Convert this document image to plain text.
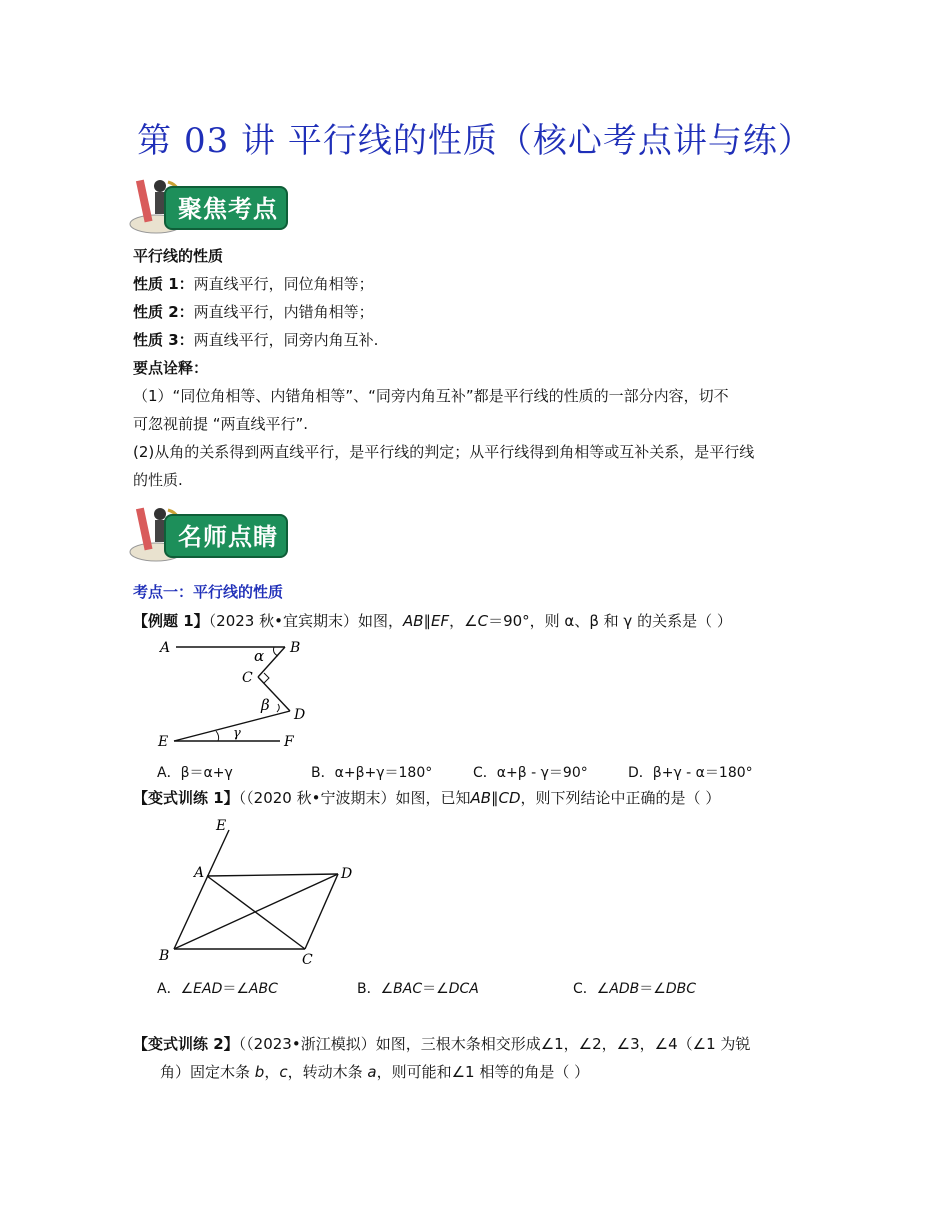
第 03 讲 平行线的性质（核心考点讲与练）
聚焦考点
平行线的性质
性质 1：两直线平行，同位角相等；
性质 2：两直线平行，内错角相等；
性质 3：两直线平行，同旁内角互补.
要点诠释：
（1）“同位角相等、内错角相等”、“同旁内角互补”都是平行线的性质的一部分内容，切不
可忽视前提 “两直线平行”.
(2)从角的关系得到两直线平行，是平行线的判定；从平行线得到角相等或互补关系，是平行线
的性质.
名师点睛
考点一：平行线的性质
【例题 1】（2023 秋•宜宾期末）如图，AB∥EF，∠C＝90°，则 α、β 和 γ 的关系是（ ）
A	B
C
D
E	F
α
β
γ
A．β＝α+γ	B．α+β+γ＝180°	C．α+β - γ＝90°	D．β+γ - α＝180°
【变式训练 1】（（2020 秋•宁波期末）如图，已知AB∥CD，则下列结论中正确的是（ ）
E
A	D
B	C
A．∠EAD＝∠ABC	B．∠BAC＝∠DCA	C．∠ADB＝∠DBC
【变式训练 2】（（2023•浙江模拟）如图，三根木条相交形成∠1，∠2，∠3，∠4（∠1 为锐
角）固定木条 b，c，转动木条 a，则可能和∠1 相等的角是（ ）
